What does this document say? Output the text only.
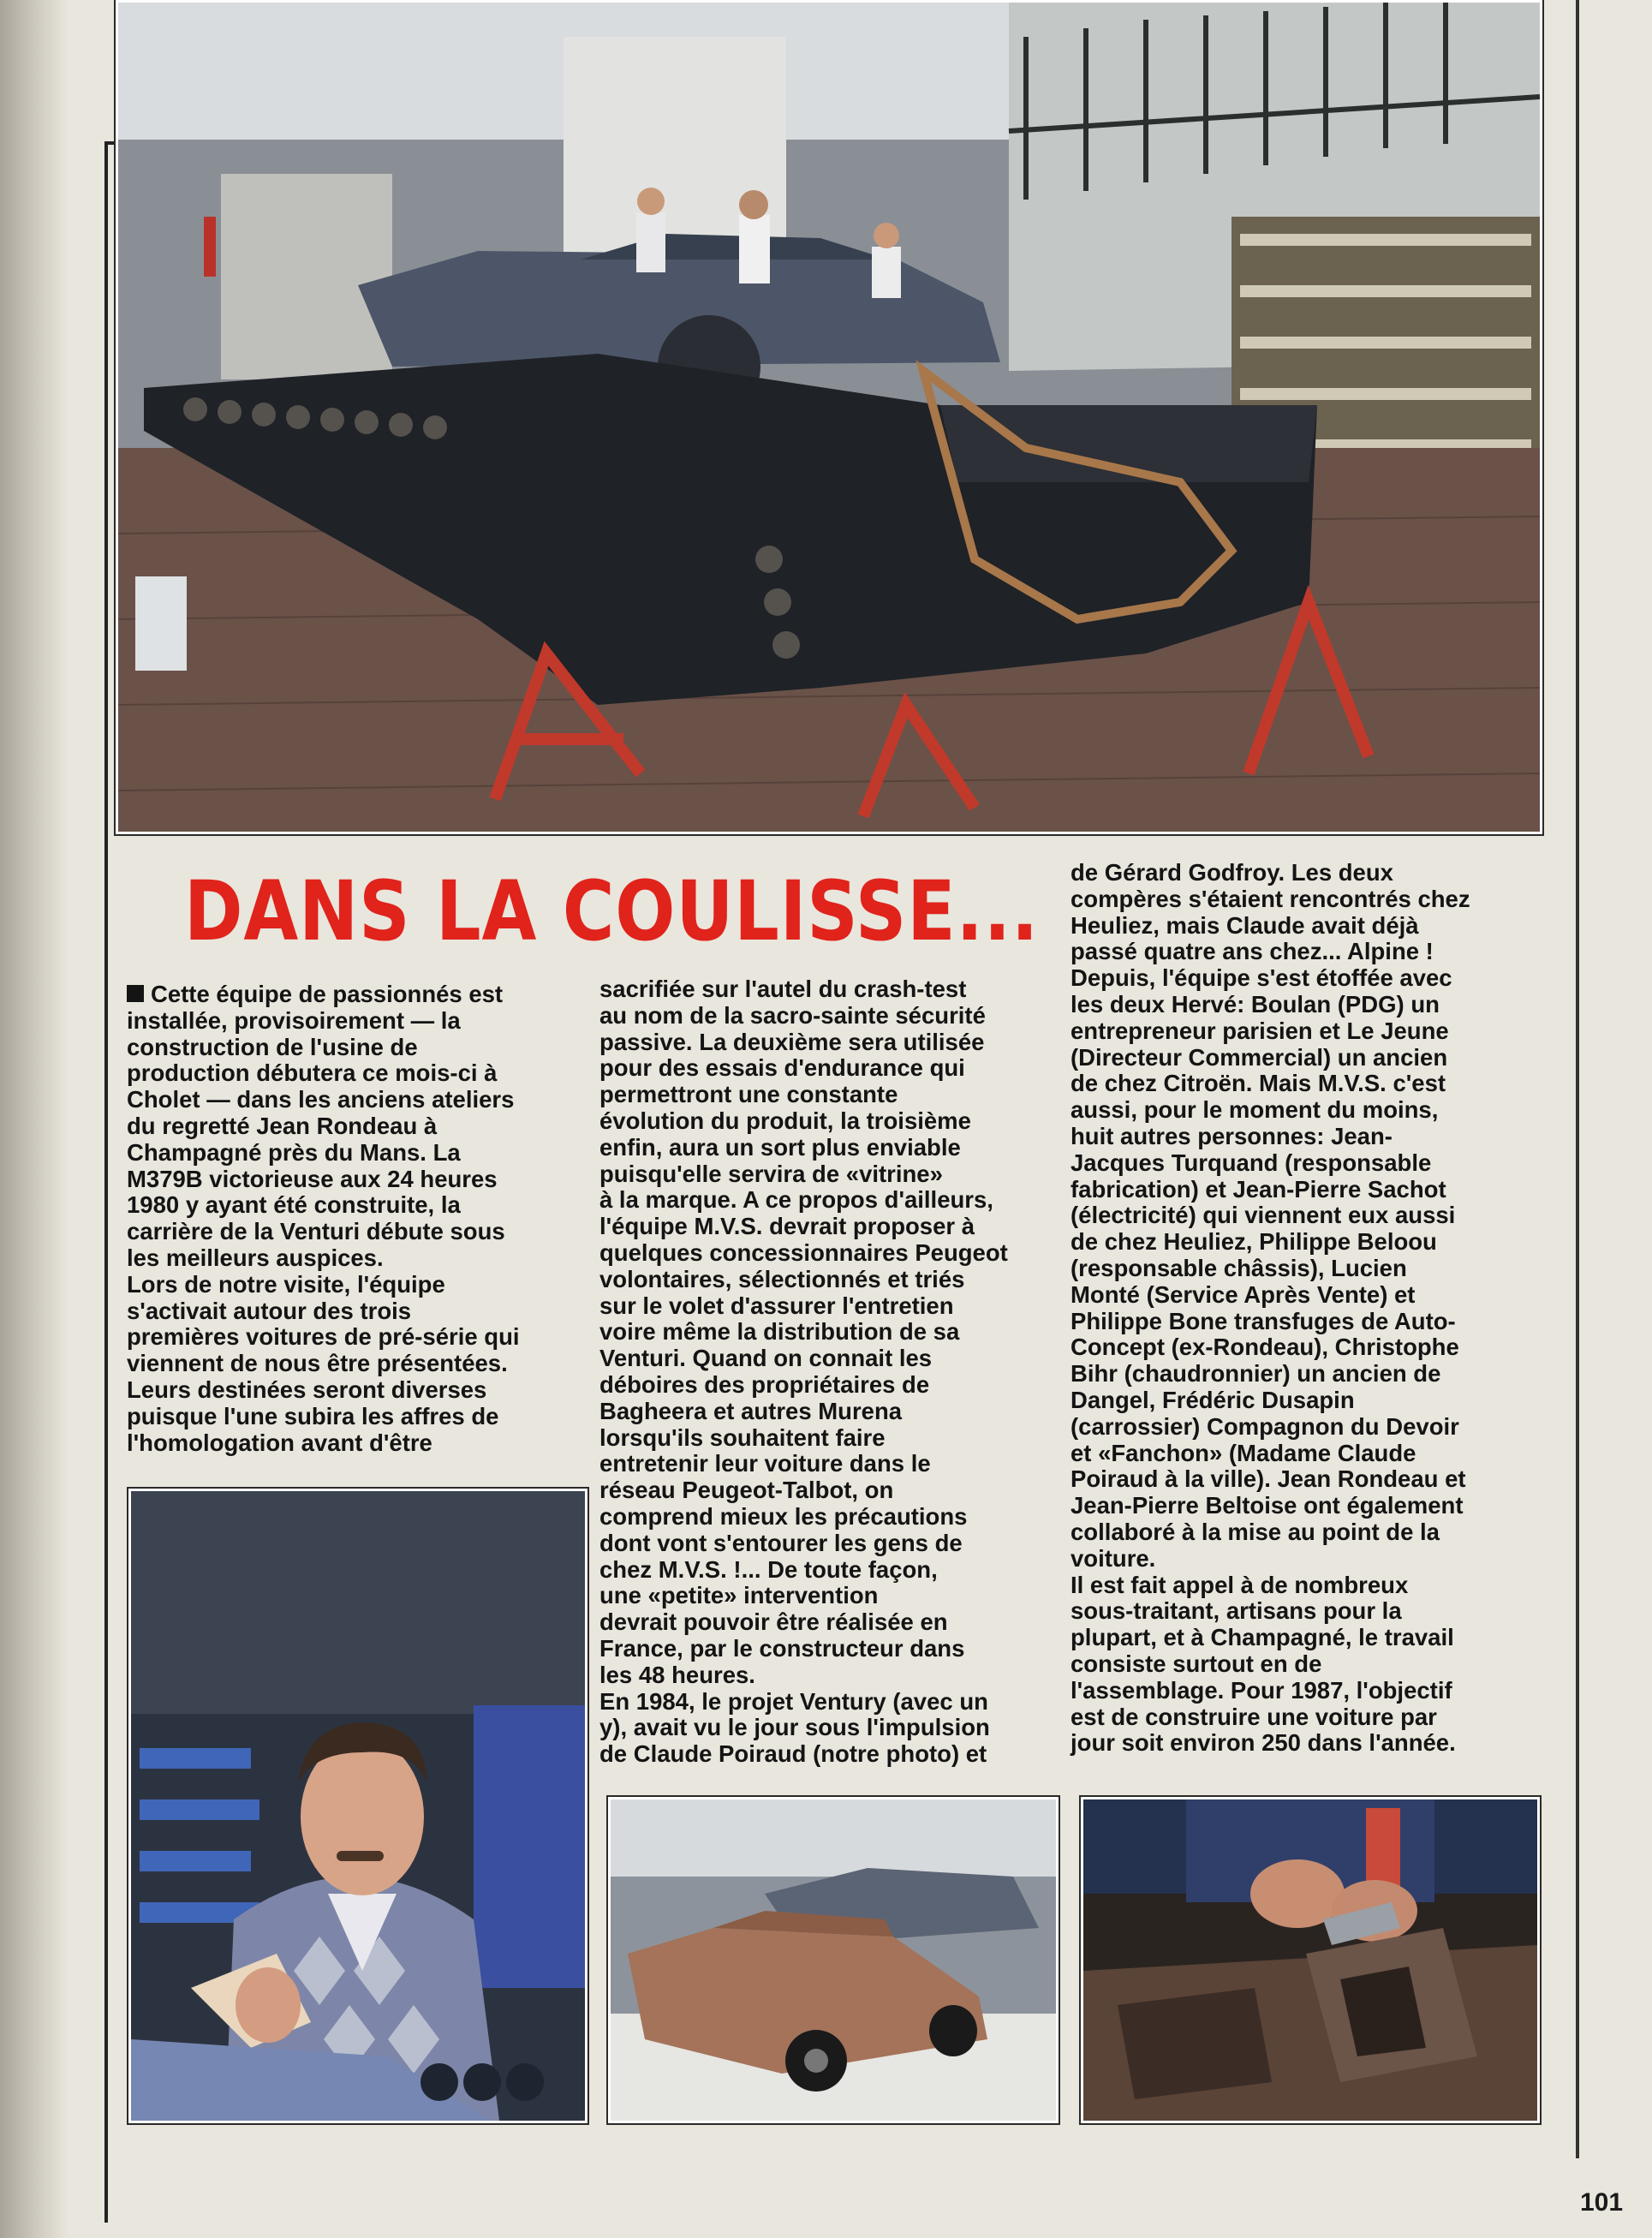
DANS LA COULISSE...

Cette équipe de passionnés est

installée, provisoirement — la

construction de l'usine de

production débutera ce mois-ci à

Cholet — dans les anciens ateliers

du regretté Jean Rondeau à

Champagné près du Mans. La

M379B victorieuse aux 24 heures

1980 y ayant été construite, la

carrière de la Venturi débute sous

les meilleurs auspices.

Lors de notre visite, l'équipe

s'activait autour des trois

premières voitures de pré-série qui

viennent de nous être présentées.

Leurs destinées seront diverses

puisque l'une subira les affres de

l'homologation avant d'être

sacrifiée sur l'autel du crash-test

au nom de la sacro-sainte sécurité

passive. La deuxième sera utilisée

pour des essais d'endurance qui

permettront une constante

évolution du produit, la troisième

enfin, aura un sort plus enviable

puisqu'elle servira de «vitrine»

à la marque. A ce propos d'ailleurs,

l'équipe M.V.S. devrait proposer à

quelques concessionnaires Peugeot

volontaires, sélectionnés et triés

sur le volet d'assurer l'entretien

voire même la distribution de sa

Venturi. Quand on connait les

déboires des propriétaires de

Bagheera et autres Murena

lorsqu'ils souhaitent faire

entretenir leur voiture dans le

réseau Peugeot-Talbot, on

comprend mieux les précautions

dont vont s'entourer les gens de

chez M.V.S. !... De toute façon,

une «petite» intervention

devrait pouvoir être réalisée en

France, par le constructeur dans

les 48 heures.

En 1984, le projet Ventury (avec un

y), avait vu le jour sous l'impulsion

de Claude Poiraud (notre photo) et

de Gérard Godfroy. Les deux

compères s'étaient rencontrés chez

Heuliez, mais Claude avait déjà

passé quatre ans chez... Alpine !

Depuis, l'équipe s'est étoffée avec

les deux Hervé: Boulan (PDG) un

entrepreneur parisien et Le Jeune

(Directeur Commercial) un ancien

de chez Citroën. Mais M.V.S. c'est

aussi, pour le moment du moins,

huit autres personnes: Jean-

Jacques Turquand (responsable

fabrication) et Jean-Pierre Sachot

(électricité) qui viennent eux aussi

de chez Heuliez, Philippe Beloou

(responsable châssis), Lucien

Monté (Service Après Vente) et

Philippe Bone transfuges de Auto-

Concept (ex-Rondeau), Christophe

Bihr (chaudronnier) un ancien de

Dangel, Frédéric Dusapin

(carrossier) Compagnon du Devoir

et «Fanchon» (Madame Claude

Poiraud à la ville). Jean Rondeau et

Jean-Pierre Beltoise ont également

collaboré à la mise au point de la

voiture.

Il est fait appel à de nombreux

sous-traitant, artisans pour la

plupart, et à Champagné, le travail

consiste surtout en de

l'assemblage. Pour 1987, l'objectif

est de construire une voiture par

jour soit environ 250 dans l'année.

101
